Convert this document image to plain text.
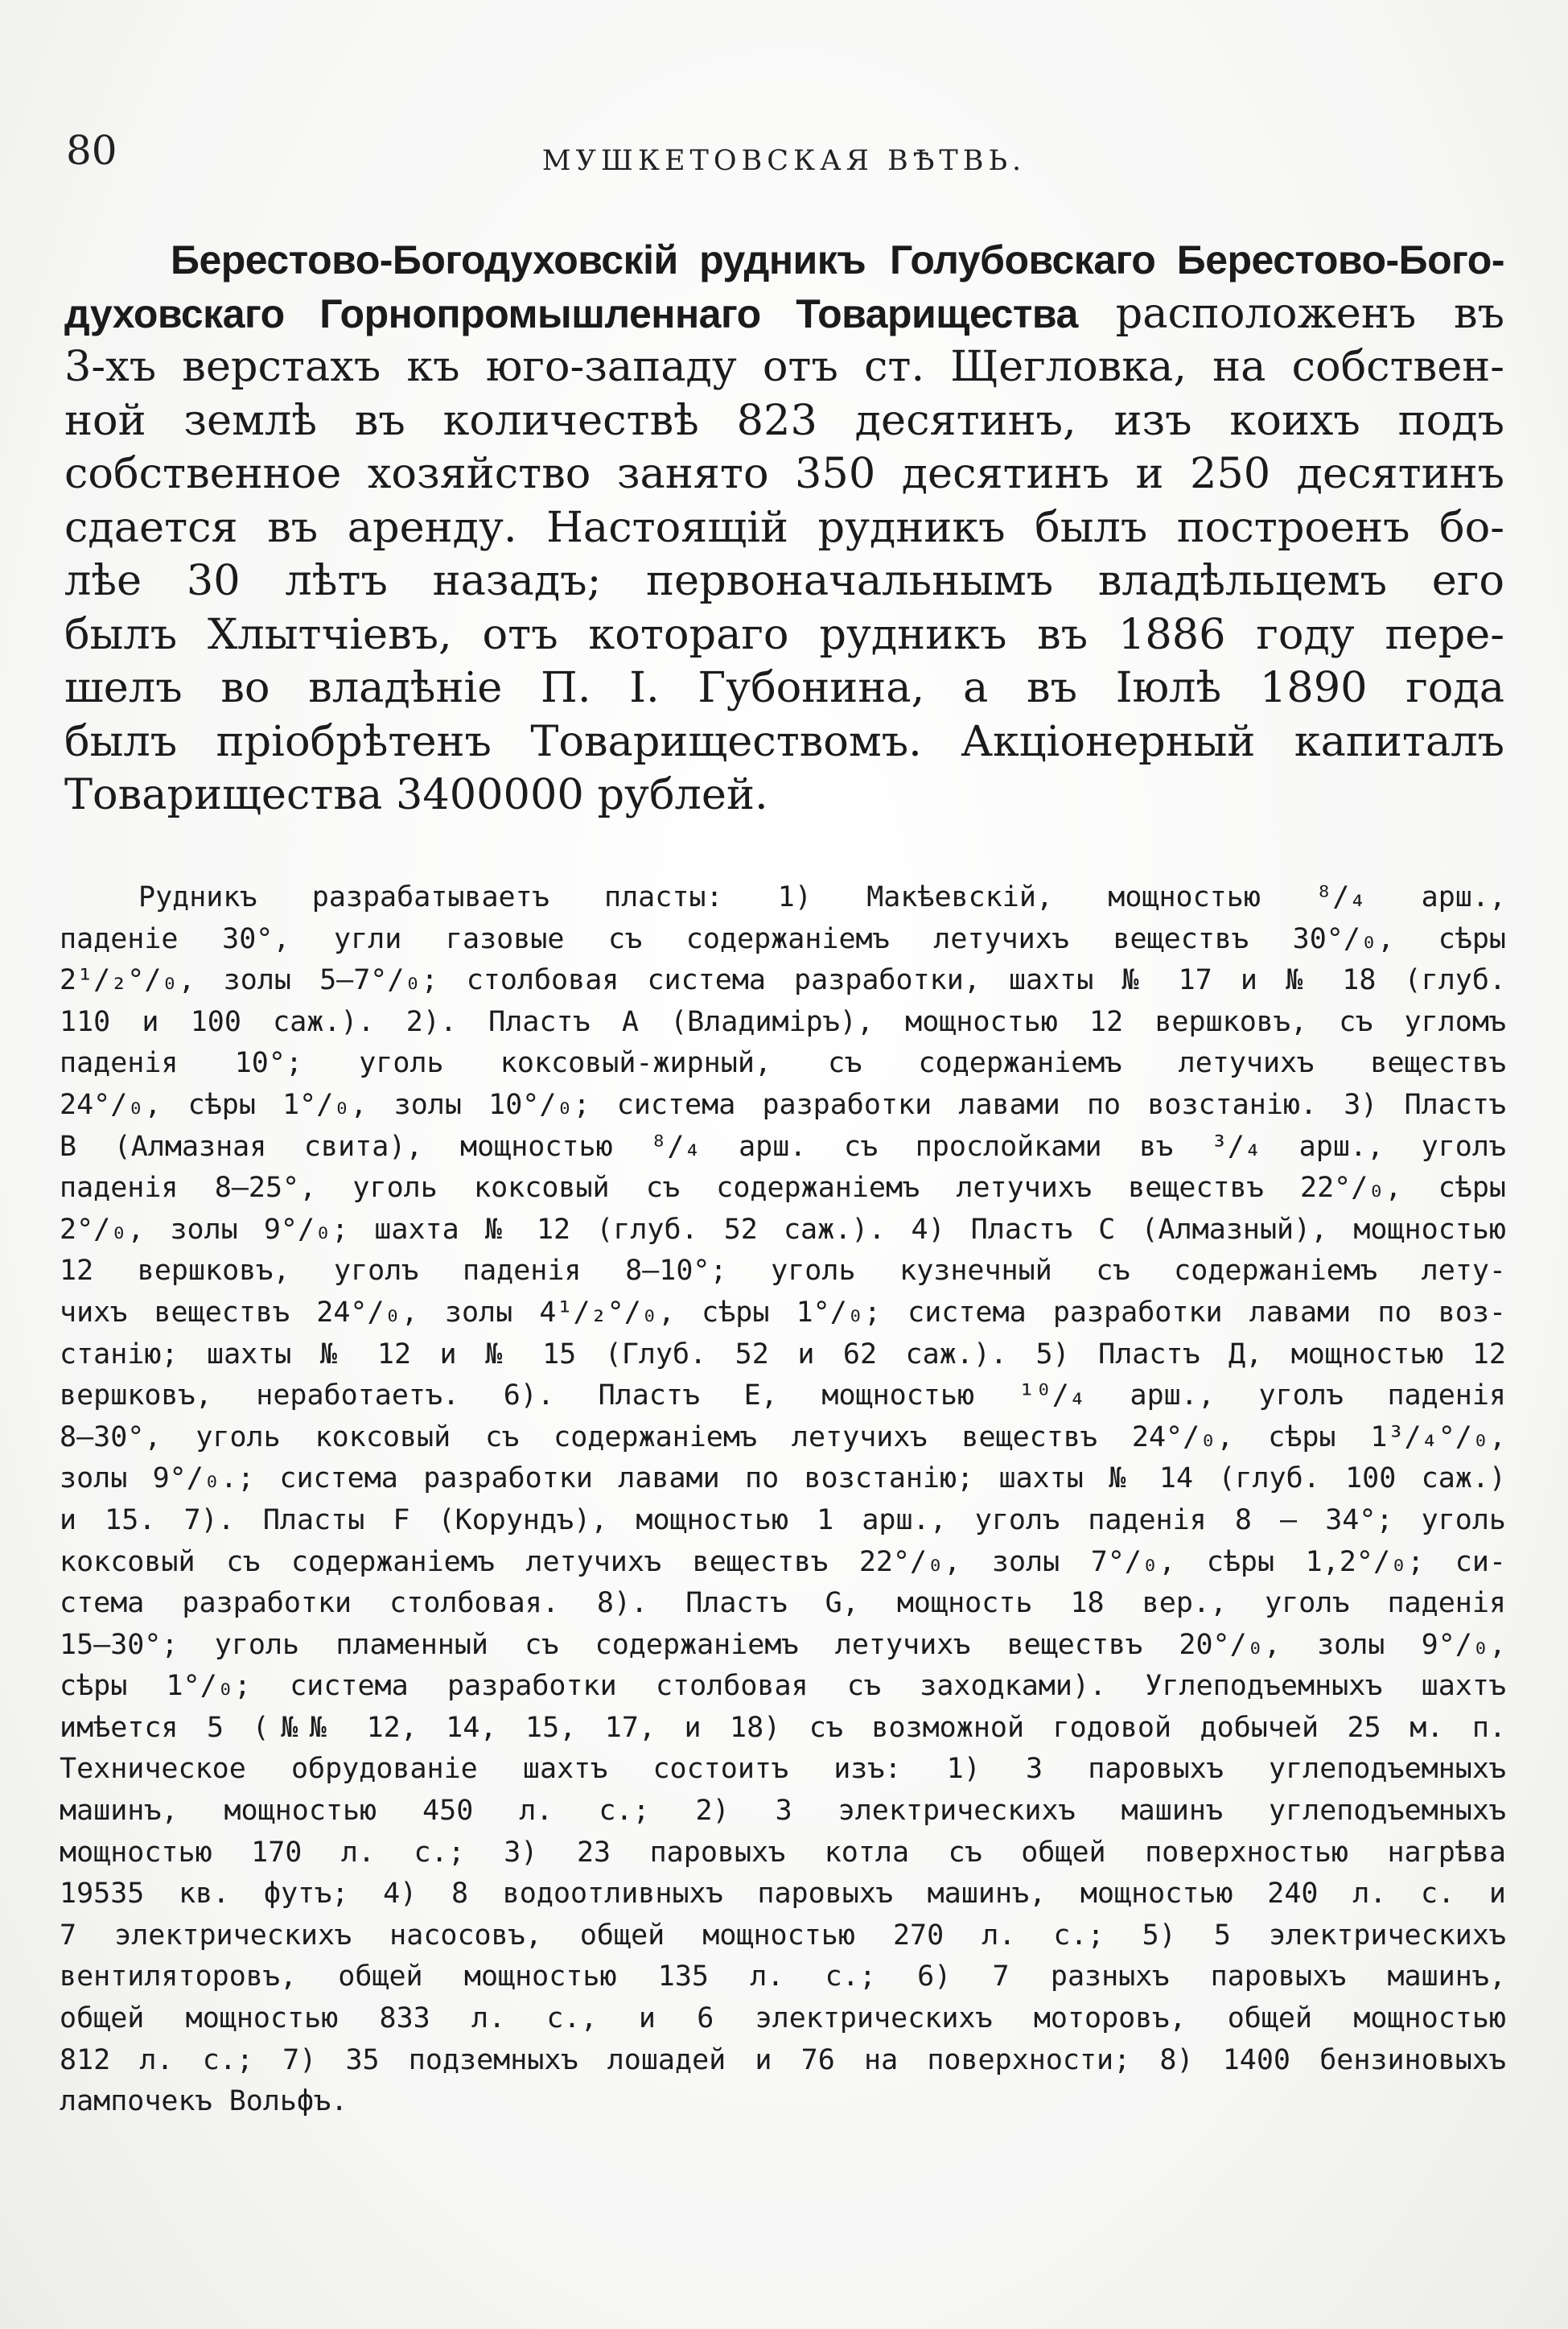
80	МУШКЕТОВСКАЯ ВѢТВЬ.
Берестово-Богодуховскій рудникъ Голубовскаго Берестово-Бого-
духовскаго Горнопромышленнаго Товарищества расположенъ въ
3-хъ верстахъ къ юго-западу отъ ст. Щегловка, на собствен-
ной землѣ въ количествѣ 823 десятинъ, изъ коихъ подъ
собственное хозяйство занято 350 десятинъ и 250 десятинъ
сдается въ аренду. Настоящій рудникъ былъ построенъ бо-
лѣе 30 лѣтъ назадъ; первоначальнымъ владѣльцемъ его
былъ Хлытчіевъ, отъ котораго рудникъ въ 1886 году пере-
шелъ во владѣніе П. І. Губонина, а въ Іюлѣ 1890 года
былъ пріобрѣтенъ Товариществомъ. Акціонерный капиталъ
Товарищества 3400000 рублей.
Рудникъ разрабатываетъ пласты: 1) Макѣевскій, мощностью ⁸/₄ арш.,
паденіе 30°, угли газовые съ содержаніемъ летучихъ веществъ 30°/₀, сѣры
2¹/₂°/₀, золы 5—7°/₀; столбовая система разработки, шахты № 17 и № 18 (глуб.
110 и 100 саж.). 2). Пластъ А (Владиміръ), мощностью 12 вершковъ, съ угломъ
паденія 10°; уголь коксовый-жирный, съ содержаніемъ летучихъ веществъ
24°/₀, сѣры 1°/₀, золы 10°/₀; система разработки лавами по возстанію. 3) Пластъ
В (Алмазная свита), мощностью ⁸/₄ арш. съ прослойками въ ³/₄ арш., уголъ
паденія 8—25°, уголь коксовый съ содержаніемъ летучихъ веществъ 22°/₀, сѣры
2°/₀, золы 9°/₀; шахта № 12 (глуб. 52 саж.). 4) Пластъ С (Алмазный), мощностью
12 вершковъ, уголъ паденія 8—10°; уголь кузнечный съ содержаніемъ лету-
чихъ веществъ 24°/₀, золы 4¹/₂°/₀, сѣры 1°/₀; система разработки лавами по воз-
станію; шахты № 12 и № 15 (Глуб. 52 и 62 саж.). 5) Пластъ Д, мощностью 12
вершковъ, неработаетъ. 6). Пластъ Е, мощностью ¹⁰/₄ арш., уголъ паденія
8—30°, уголь коксовый съ содержаніемъ летучихъ веществъ 24°/₀, сѣры 1³/₄°/₀,
золы 9°/₀.; система разработки лавами по возстанію; шахты № 14 (глуб. 100 саж.)
и 15. 7). Пласты F (Корундъ), мощностью 1 арш., уголъ паденія 8 — 34°; уголь
коксовый съ содержаніемъ летучихъ веществъ 22°/₀, золы 7°/₀, сѣры 1,2°/₀; си-
стема разработки столбовая. 8). Пластъ G, мощность 18 вер., уголъ паденія
15—30°; уголь пламенный съ содержаніемъ летучихъ веществъ 20°/₀, золы 9°/₀,
сѣры 1°/₀; система разработки столбовая съ заходками). Углеподъемныхъ шахтъ
имѣется 5 (№№ 12, 14, 15, 17, и 18) съ возможной годовой добычей 25 м. п.
Техническое обрудованіе шахтъ состоитъ изъ: 1) 3 паровыхъ углеподъемныхъ
машинъ, мощностью 450 л. с.; 2) 3 электрическихъ машинъ углеподъемныхъ
мощностью 170 л. с.; 3) 23 паровыхъ котла съ общей поверхностью нагрѣва
19535 кв. футъ; 4) 8 водоотливныхъ паровыхъ машинъ, мощностью 240 л. с. и
7 электрическихъ насосовъ, общей мощностью 270 л. с.; 5) 5 электрическихъ
вентиляторовъ, общей мощностью 135 л. с.; 6) 7 разныхъ паровыхъ машинъ,
общей мощностью 833 л. с., и 6 электрическихъ моторовъ, общей мощностью
812 л. с.; 7) 35 подземныхъ лошадей и 76 на поверхности; 8) 1400 бензиновыхъ
лампочекъ Вольфъ.
